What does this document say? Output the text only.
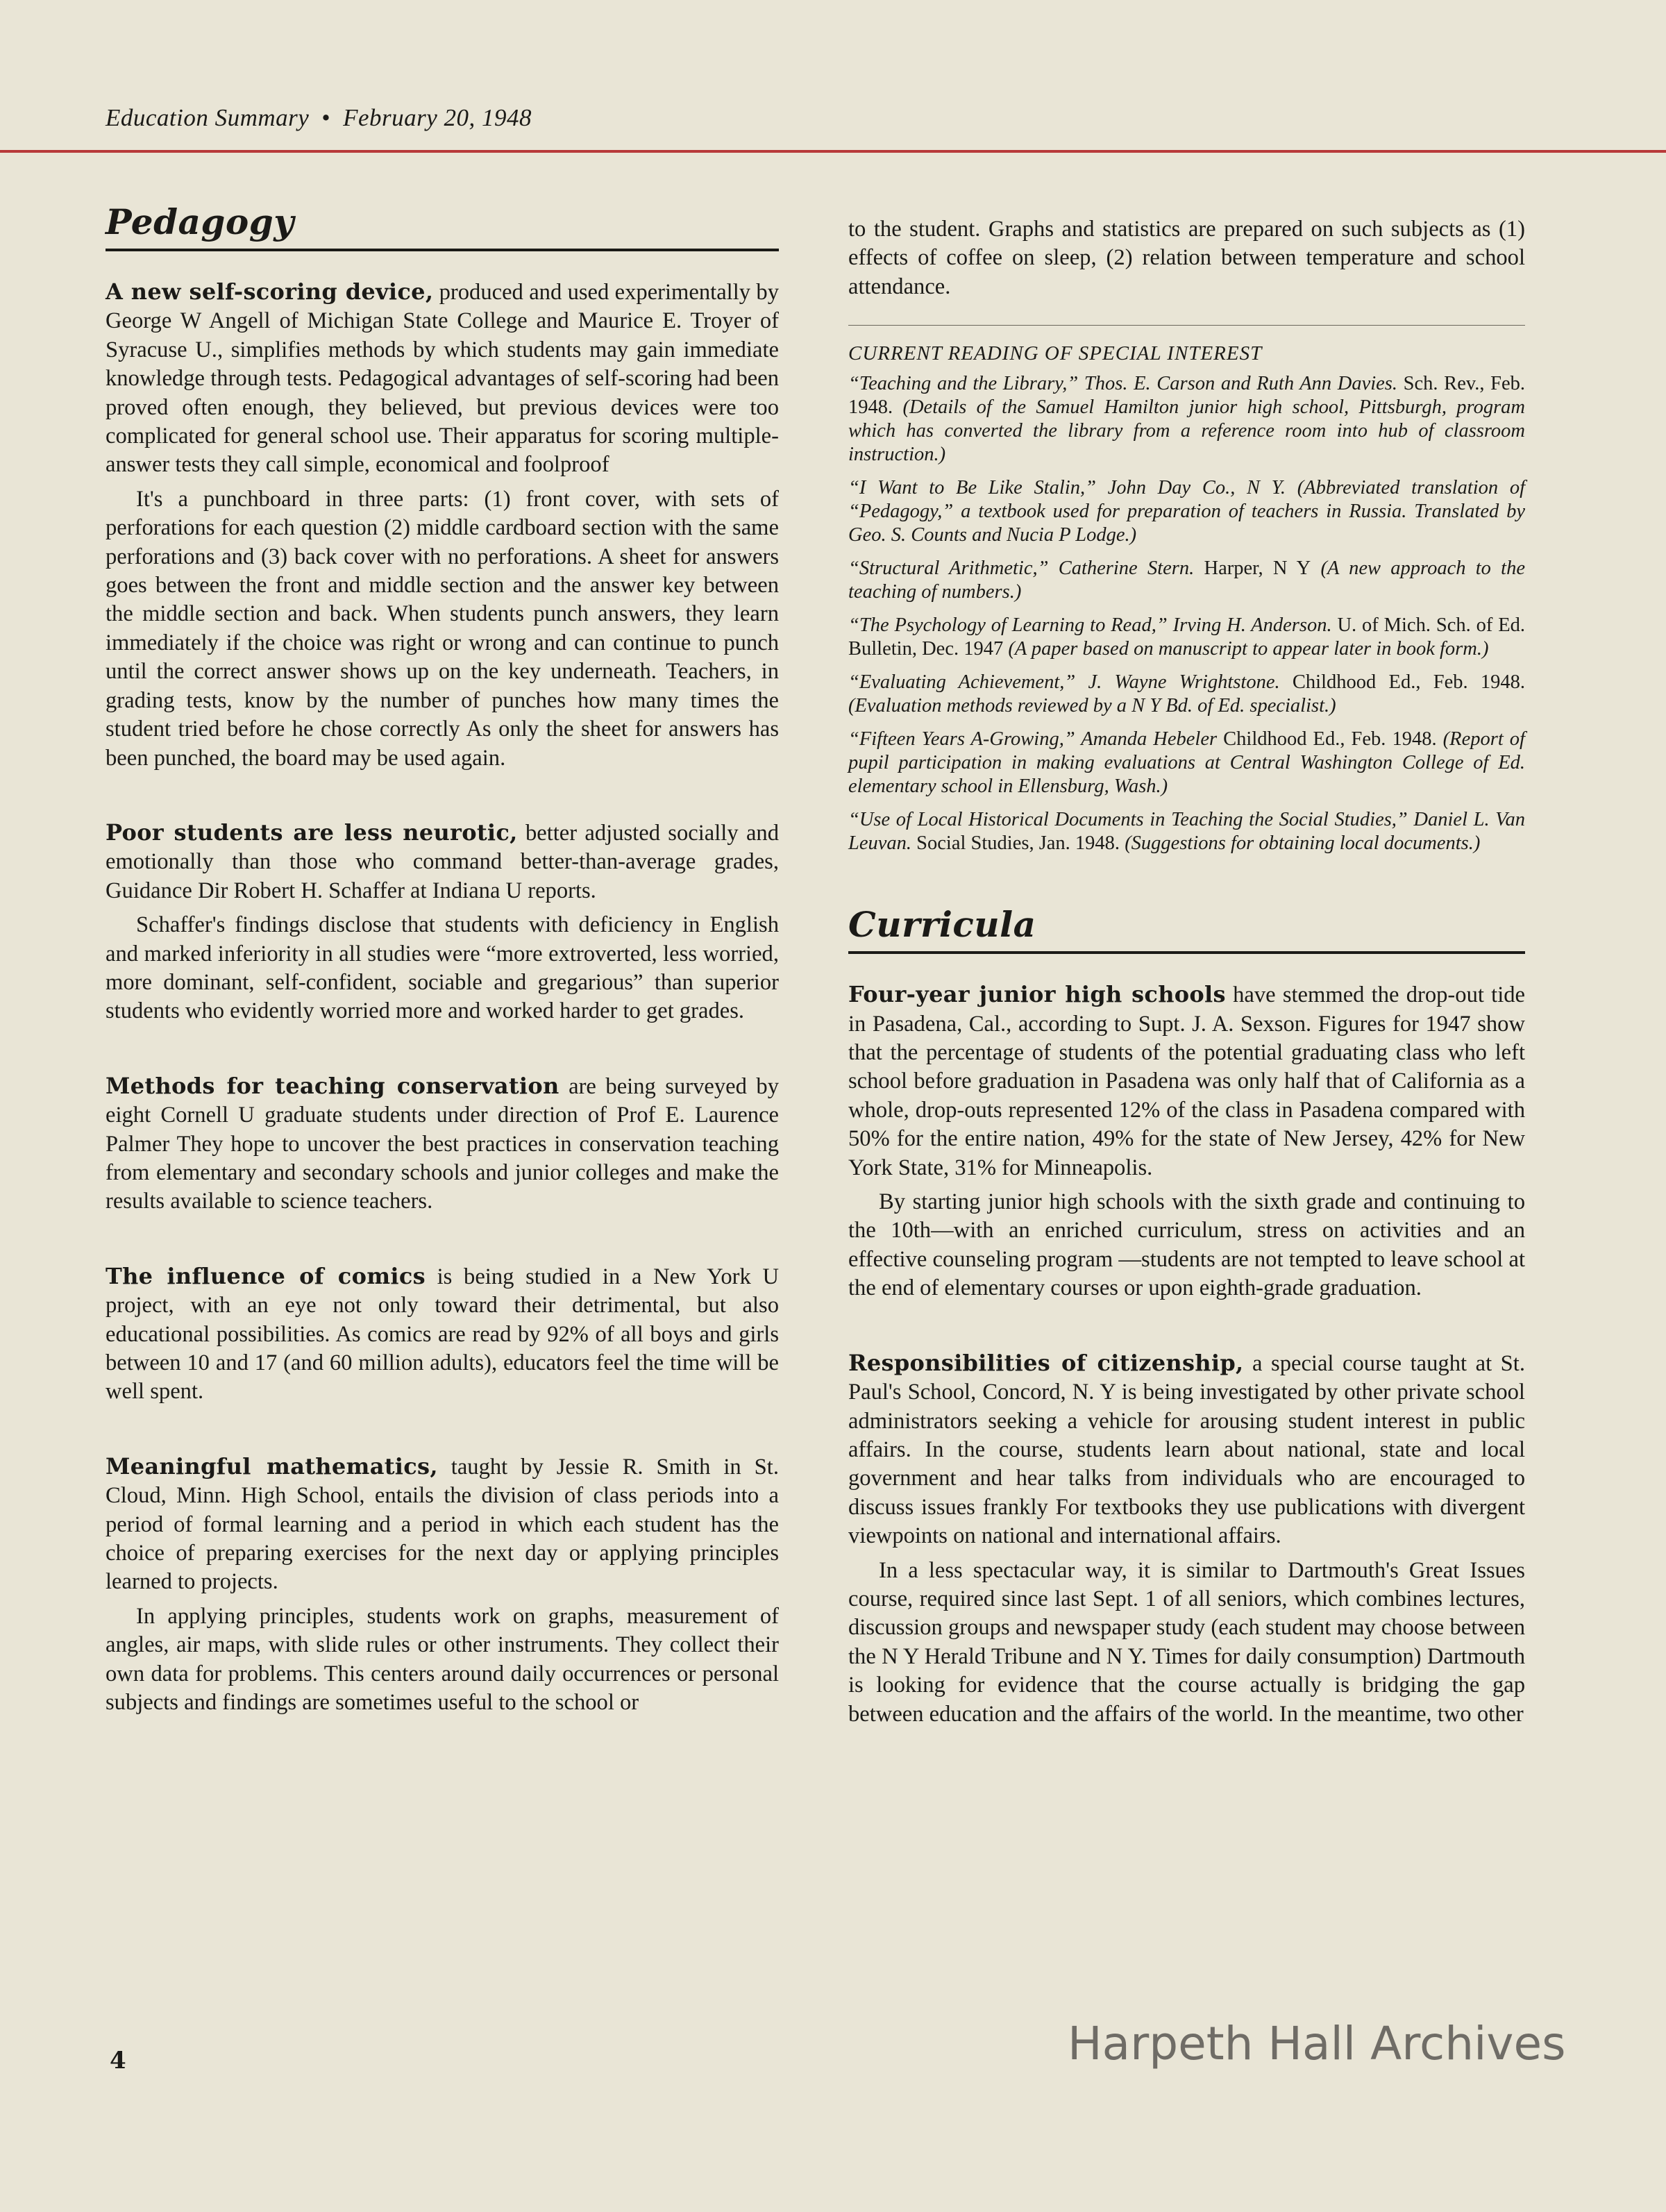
Education Summary • February 20, 1948
Pedagogy

A new self-scoring device, produced and used experimentally by George W Angell of Michigan State College and Maurice E. Troyer of Syracuse U., simplifies methods by which students may gain immediate knowledge through tests. Pedagogical advantages of self-scoring had been proved often enough, they believed, but previous devices were too complicated for general school use. Their apparatus for scoring multiple-answer tests they call simple, economical and foolproof

It's a punchboard in three parts: (1) front cover, with sets of perforations for each question (2) middle cardboard section with the same perforations and (3) back cover with no perforations. A sheet for answers goes between the front and middle section and the answer key between the middle section and back. When students punch answers, they learn immediately if the choice was right or wrong and can continue to punch until the correct answer shows up on the key underneath. Teachers, in grading tests, know by the number of punches how many times the student tried before he chose correctly As only the sheet for answers has been punched, the board may be used again.

Poor students are less neurotic, better adjusted socially and emotionally than those who command better-than-average grades, Guidance Dir Robert H. Schaffer at Indiana U reports.

Schaffer's findings disclose that students with deficiency in English and marked inferiority in all studies were “more extroverted, less worried, more dominant, self-confident, sociable and gregarious” than superior students who evidently worried more and worked harder to get grades.

Methods for teaching conservation are being surveyed by eight Cornell U graduate students under direction of Prof E. Laurence Palmer They hope to uncover the best practices in conservation teaching from elementary and secondary schools and junior colleges and make the results available to science teachers.

The influence of comics is being studied in a New York U project, with an eye not only toward their detrimental, but also educational possibilities. As comics are read by 92% of all boys and girls between 10 and 17 (and 60 million adults), educators feel the time will be well spent.

Meaningful mathematics, taught by Jessie R. Smith in St. Cloud, Minn. High School, entails the division of class periods into a period of formal learning and a period in which each student has the choice of preparing exercises for the next day or applying principles learned to projects.

In applying principles, students work on graphs, measurement of angles, air maps, with slide rules or other instruments. They collect their own data for problems. This centers around daily occurrences or personal subjects and findings are sometimes useful to the school or

to the student. Graphs and statistics are prepared on such subjects as (1) effects of coffee on sleep, (2) relation between temperature and school attendance.

CURRENT READING OF SPECIAL INTEREST
“Teaching and the Library,” Thos. E. Carson and Ruth Ann Davies. Sch. Rev., Feb. 1948. (Details of the Samuel Hamilton junior high school, Pittsburgh, program which has converted the library from a reference room into hub of classroom instruction.)
“I Want to Be Like Stalin,” John Day Co., N Y. (Abbreviated translation of “Pedagogy,” a textbook used for preparation of teachers in Russia. Translated by Geo. S. Counts and Nucia P Lodge.)
“Structural Arithmetic,” Catherine Stern. Harper, N Y (A new approach to the teaching of numbers.)
“The Psychology of Learning to Read,” Irving H. Anderson. U. of Mich. Sch. of Ed. Bulletin, Dec. 1947 (A paper based on manuscript to appear later in book form.)
“Evaluating Achievement,” J. Wayne Wrightstone. Childhood Ed., Feb. 1948. (Evaluation methods reviewed by a N Y Bd. of Ed. specialist.)
“Fifteen Years A-Growing,” Amanda Hebeler Childhood Ed., Feb. 1948. (Report of pupil participation in making evaluations at Central Washington College of Ed. elementary school in Ellensburg, Wash.)
“Use of Local Historical Documents in Teaching the Social Studies,” Daniel L. Van Leuvan. Social Studies, Jan. 1948. (Suggestions for obtaining local documents.)
Curricula

Four-year junior high schools have stemmed the drop-out tide in Pasadena, Cal., according to Supt. J. A. Sexson. Figures for 1947 show that the percentage of students of the potential graduating class who left school before graduation in Pasadena was only half that of California as a whole, drop-outs represented 12% of the class in Pasadena compared with 50% for the entire nation, 49% for the state of New Jersey, 42% for New York State, 31% for Minneapolis.

By starting junior high schools with the sixth grade and continuing to the 10th—with an enriched curriculum, stress on activities and an effective counseling program —students are not tempted to leave school at the end of elementary courses or upon eighth-grade graduation.

Responsibilities of citizenship, a special course taught at St. Paul's School, Concord, N. Y is being investigated by other private school administrators seeking a vehicle for arousing student interest in public affairs. In the course, students learn about national, state and local government and hear talks from individuals who are encouraged to discuss issues frankly For textbooks they use publications with divergent viewpoints on national and international affairs.

In a less spectacular way, it is similar to Dartmouth's Great Issues course, required since last Sept. 1 of all seniors, which combines lectures, discussion groups and newspaper study (each student may choose between the N Y Herald Tribune and N Y. Times for daily consumption) Dartmouth is looking for evidence that the course actually is bridging the gap between education and the affairs of the world. In the meantime, two other

4	Harpeth Hall Archives
